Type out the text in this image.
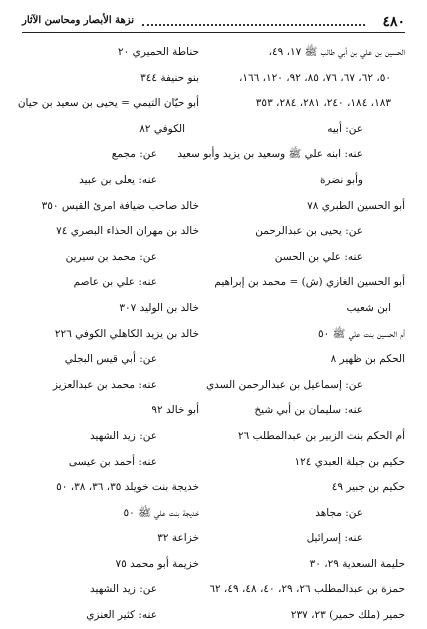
٤٨٠
نزهة الأبصار ومحاسن الآثار
الحسين بن علي بن أبي طالب ﷺ ١٧، ٤٩،
٥٠، ٦٢، ٦٧، ٧٦، ٨٥، ٩٢، ١٢٠، ١٦٦،
١٨٣، ١٨٤، ٢٤٠، ٢٨١، ٢٨٤، ٣٥٣
عن: أبيه
عنه: ابنه علي ﷺ وسعيد بن يزيد وأبو سعيد
وأبو نضرة
أبو الحسين الطبري ٧٨
عن: يحيى بن عبدالرحمن
عنه: علي بن الحسن
أبو الحسين الغازي (ش) = محمد بن إبراهيم
ابن شعيب
أم الحسين بنت علي ﷺ ٥٠
الحكم بن ظهير ٨
عن: إسماعيل بن عبدالرحمن السدي
عنه: سليمان بن أبي شيخ
أم الحكم بنت الزبير بن عبدالمطلب ٢٦
حكيم بن جبلة العبدي ١٢٤
حكيم بن جبير ٤٩
عن: مجاهد
عنه: إسرائيل
حليمة السعدية ٢٩، ٣٠
حمزة بن عبدالمطلب ٢٦، ٢٩، ٤٠، ٤٨، ٤٩، ٦٢
حمير (ملك حمير) ٢٣، ٢٣٧
حناطة الحميري ٢٠
بنو حنيفة ٣٤٤
أبو حيّان التيمي = يحيى بن سعيد بن حيان
الكوفي ٨٢
عن: مجمع
عنه: يعلى بن عبيد
خالد صاحب ضيافة امرئ القيس ٣٥٠
خالد بن مهران الحذاء البصري ٧٤
عن: محمد بن سيرين
عنه: علي بن عاصم
خالد بن الوليد ٣٠٧
خالد بن يزيد الكاهلي الكوفي ٢٢٦
عن: أبي قيس البجلي
عنه: محمد بن عبدالعزيز
أبو خالد ٩٢
عن: زيد الشهيد
عنه: أحمد بن عيسى
خديجة بنت خويلد ٣٥، ٣٦، ٣٨، ٥٠
خديجة بنت علي ﷺ ٥٠
خزاعة ٣٢
خزيمة أبو محمد ٧٥
عن: زيد الشهيد
عنه: كثير العنزي
